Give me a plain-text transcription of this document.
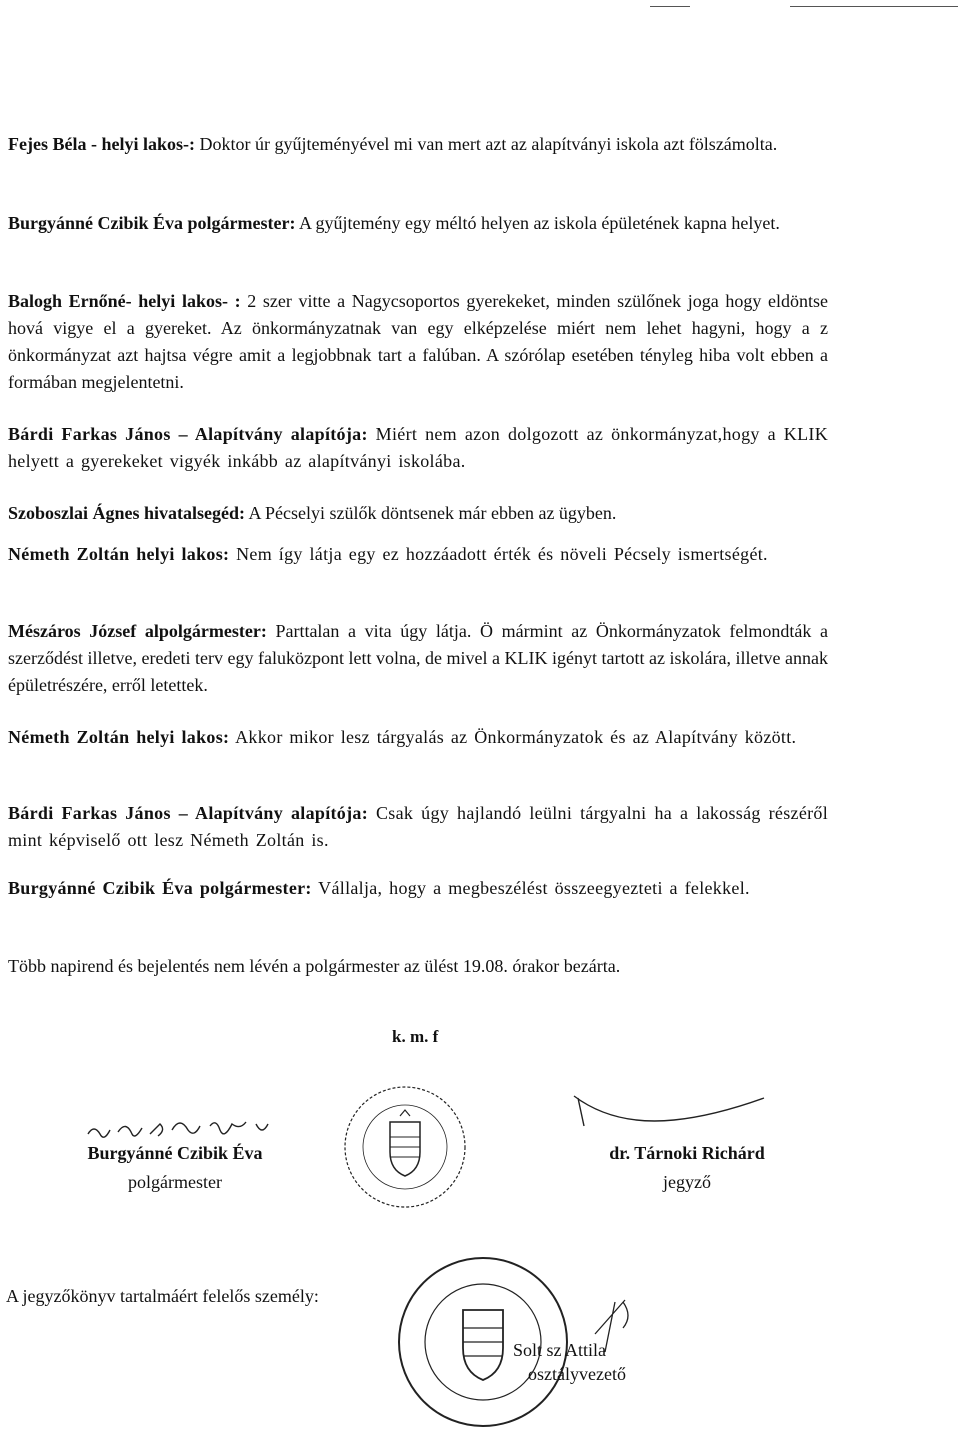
Fejes Béla - helyi lakos-: Doktor úr gyűjteményével mi van mert azt az alapítványi iskola azt fölszámolta.
Burgyánné Czibik Éva polgármester: A gyűjtemény egy méltó helyen az iskola épületének kapna helyet.
Balogh Ernőné- helyi lakos- : 2 szer vitte a Nagycsoportos gyerekeket, minden szülőnek joga hogy eldöntse hová vigye el a gyereket. Az önkormányzatnak van egy elképzelése miért nem lehet hagyni, hogy a z önkormányzat azt hajtsa végre amit a legjobbnak tart a falúban. A szórólap esetében tényleg hiba volt ebben a formában megjelentetni.
Bárdi Farkas János – Alapítvány alapítója: Miért nem azon dolgozott az önkormányzat,hogy a KLIK helyett a gyerekeket vigyék inkább az alapítványi iskolába.
Szoboszlai Ágnes hivatalsegéd: A Pécselyi szülők döntsenek már ebben az ügyben.
Németh Zoltán helyi lakos: Nem így látja egy ez hozzáadott érték és növeli Pécsely ismertségét.
Mészáros József alpolgármester: Parttalan a vita úgy látja. Ö mármint az Önkormányzatok felmondták a szerződést illetve, eredeti terv egy faluközpont lett volna, de mivel a KLIK igényt tartott az iskolára, illetve annak épületrészére, erről letettek.
Németh Zoltán helyi lakos: Akkor mikor lesz tárgyalás az Önkormányzatok és az Alapítvány között.
Bárdi Farkas János – Alapítvány alapítója: Csak úgy hajlandó leülni tárgyalni ha a lakosság részéről mint képviselő ott lesz Németh Zoltán is.
Burgyánné Czibik Éva polgármester: Vállalja, hogy a megbeszélést összeegyezteti a felekkel.
Több napirend és bejelentés nem lévén a polgármester az ülést 19.08. órakor bezárta.
k. m. f
Burgyánné Czibik Éva
polgármester
dr. Tárnoki Richárd
jegyző
A jegyzőkönyv tartalmáért felelős személy:
Solt sz Attila
osztályvezető
